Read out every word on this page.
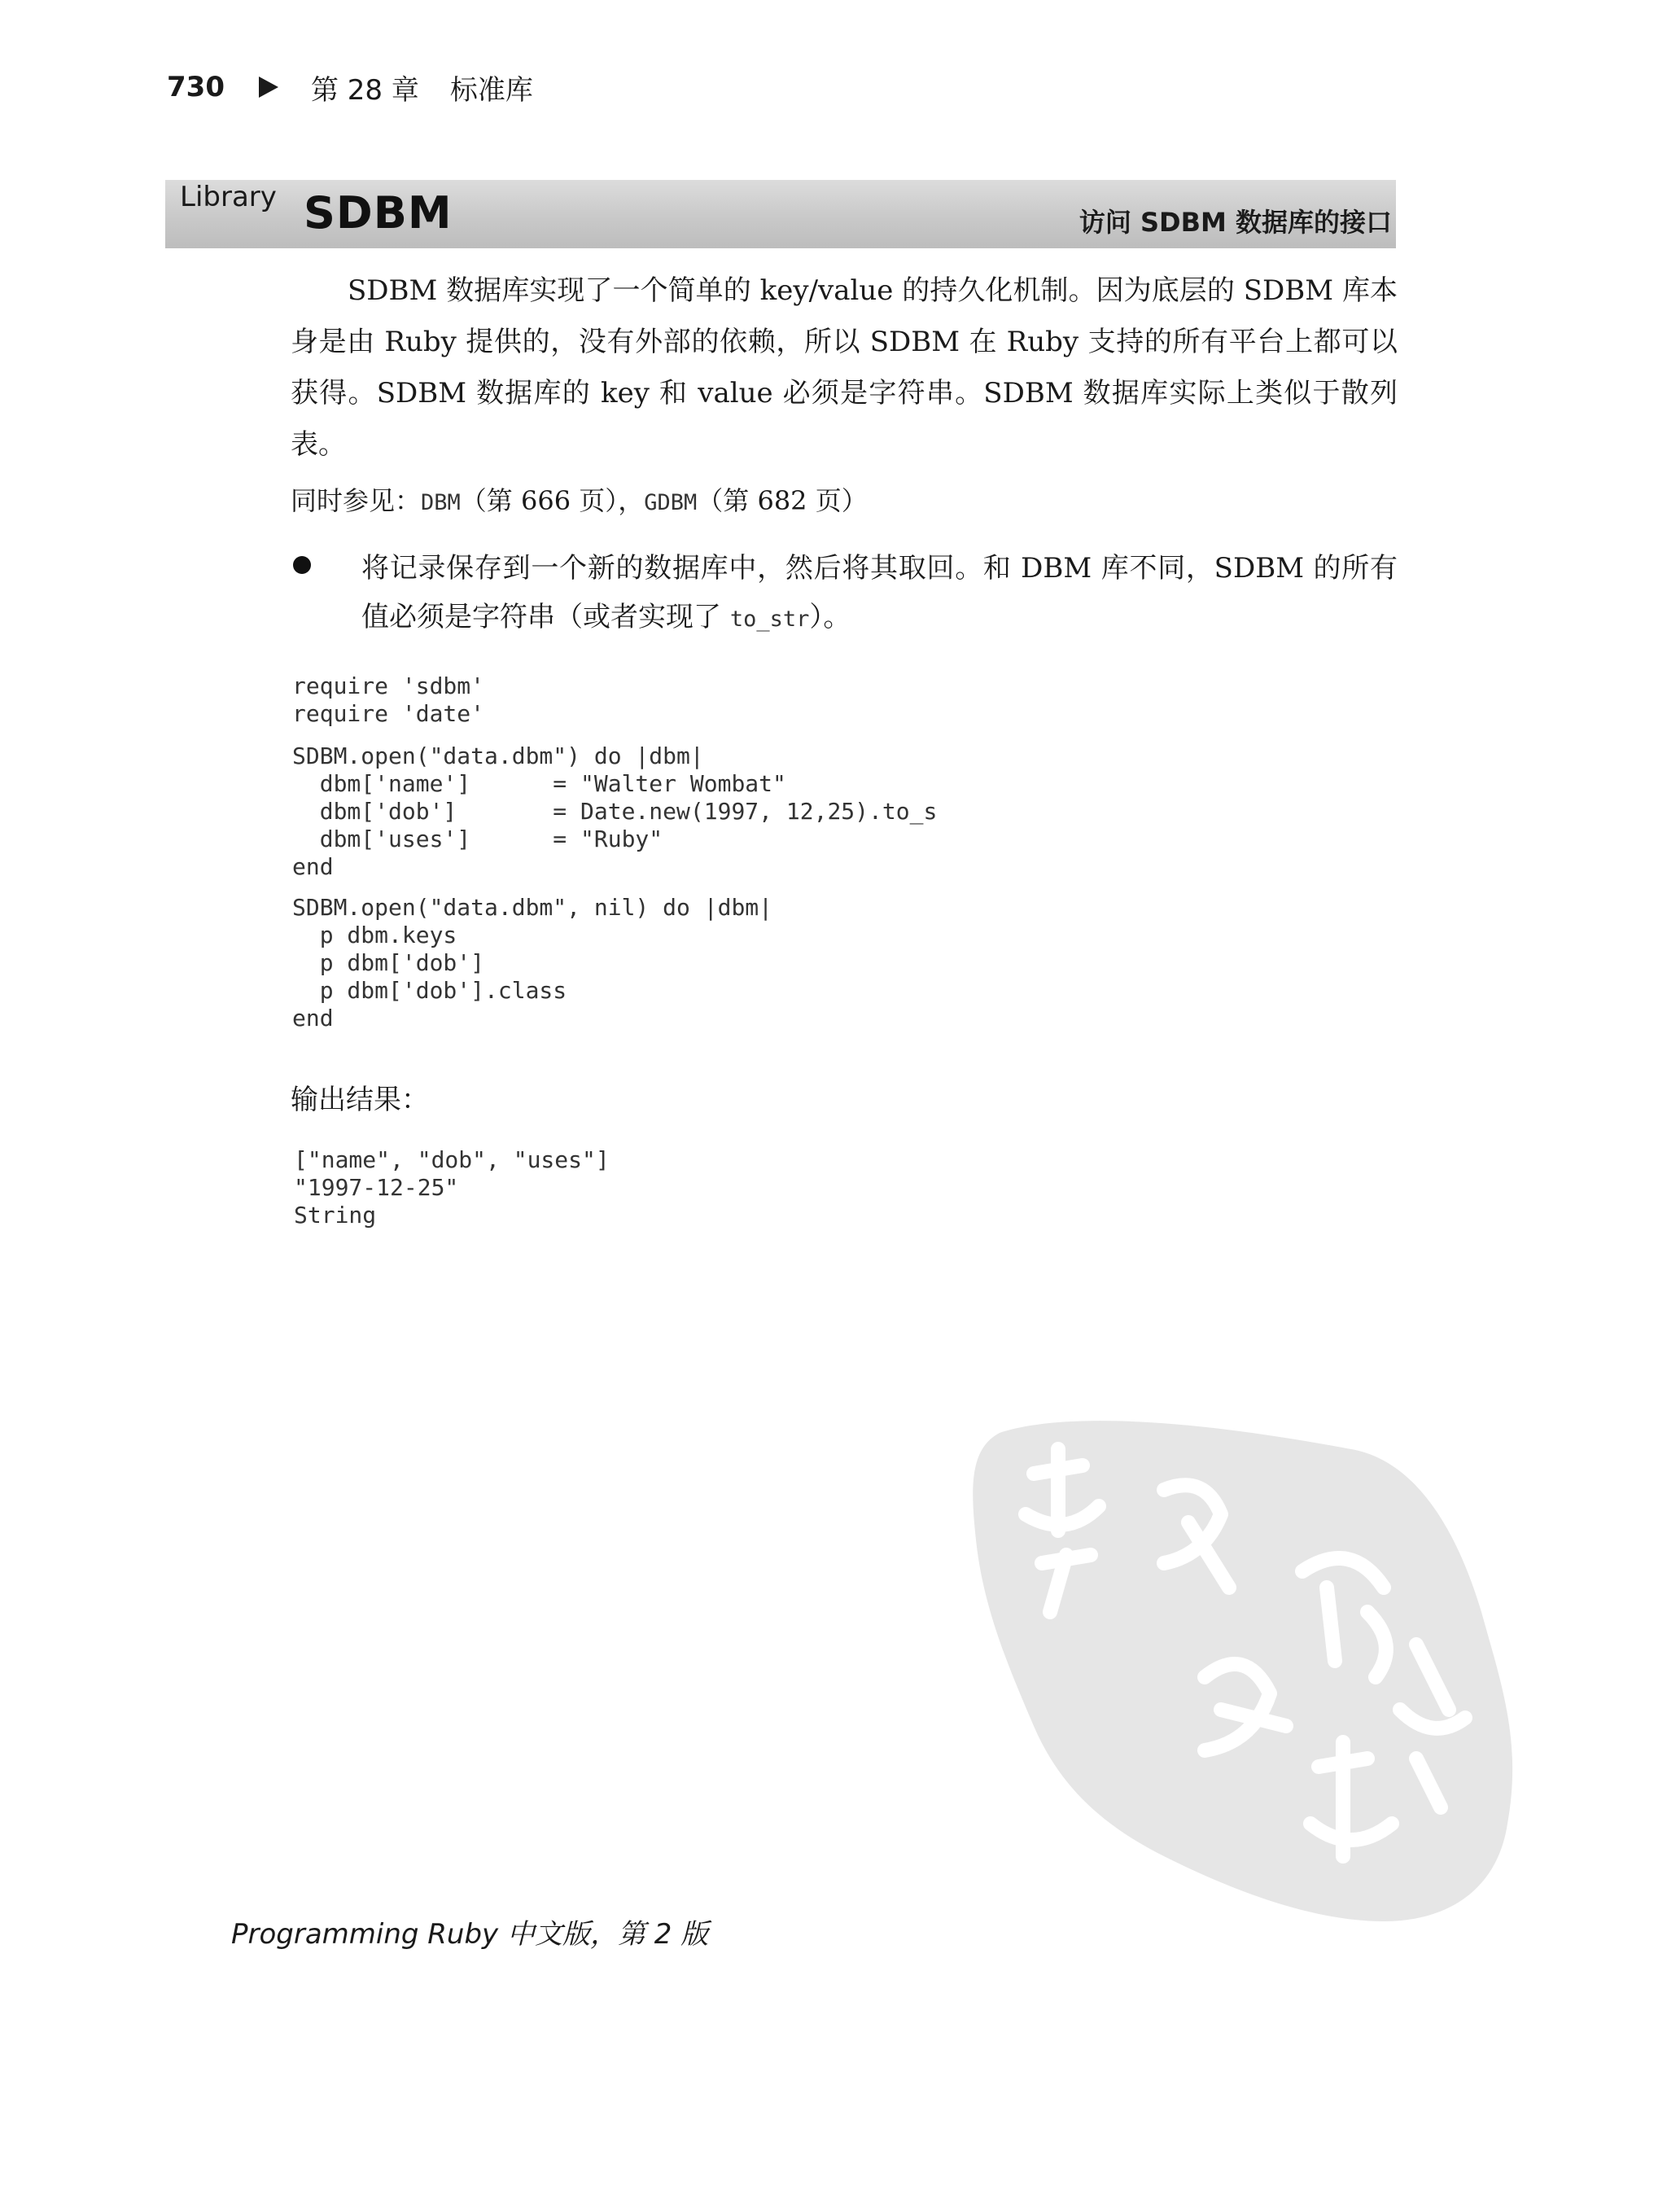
730	第 28 章 标准库
Library SDBM	访问 SDBM 数据库的接口

SDBM 数据库实现了一个简单的 key/value 的持久化机制。因为底层的 SDBM 库本身是由 Ruby 提供的，没有外部的依赖，所以 SDBM 在 Ruby 支持的所有平台上都可以获得。SDBM 数据库的 key 和 value 必须是字符串。SDBM 数据库实际上类似于散列表。

同时参见：DBM（第 666 页），GDBM（第 682 页）

将记录保存到一个新的数据库中，然后将其取回。和 DBM 库不同，SDBM 的所有值必须是字符串（或者实现了 to_str）。

require 'sdbm'
require 'date'
SDBM.open("data.dbm") do |dbm|
dbm['name']      = "Walter Wombat"
dbm['dob']       = Date.new(1997, 12,25).to_s
dbm['uses']      = "Ruby"
end
SDBM.open("data.dbm", nil) do |dbm|
p dbm.keys
p dbm['dob']
p dbm['dob'].class
end
输出结果：
["name", "dob", "uses"]
"1997-12-25"
String
Programming Ruby 中文版，第 2 版
